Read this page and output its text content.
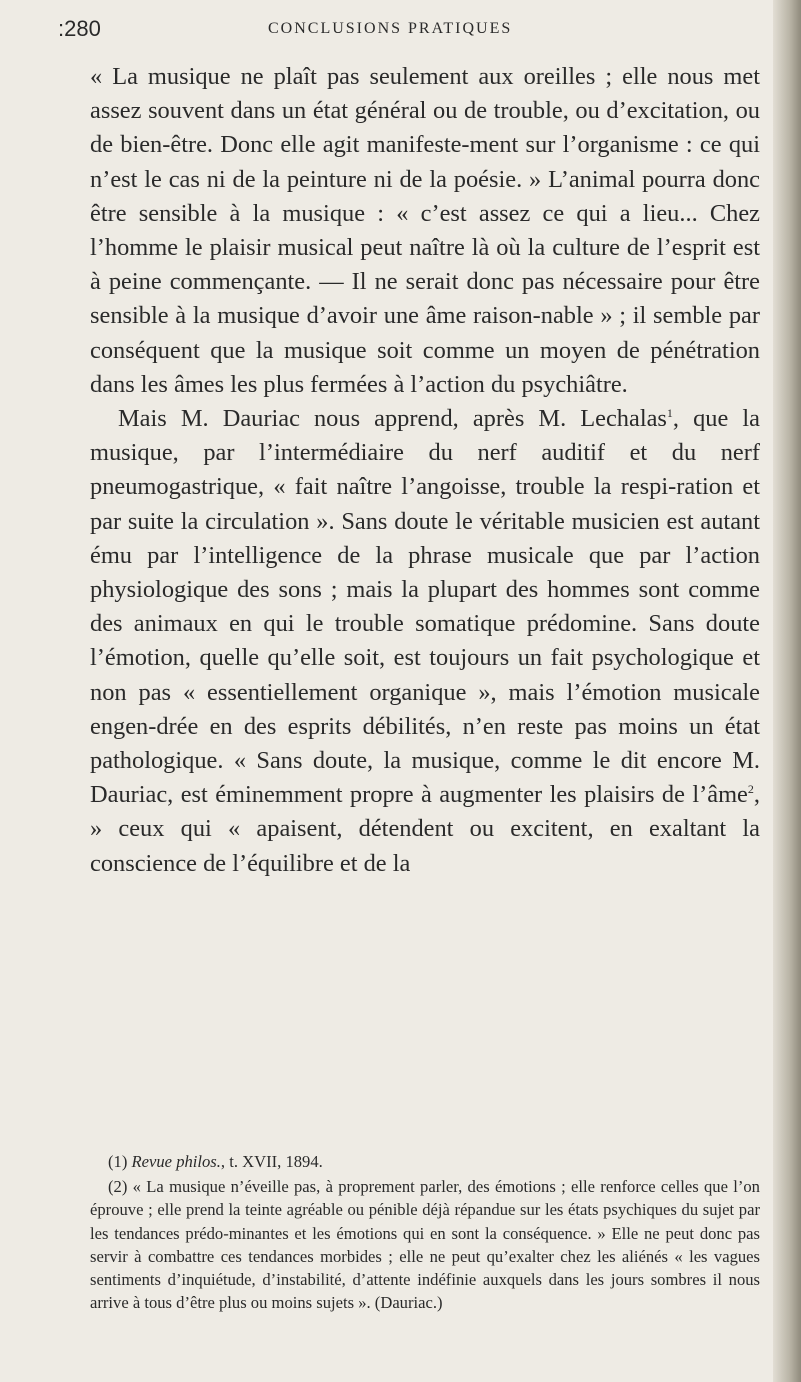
:280	CONCLUSIONS PRATIQUES

« La musique ne plaît pas seulement aux oreilles ; elle nous met assez souvent dans un état général ou de trouble, ou d’excitation, ou de bien-être. Donc elle agit manifeste-ment sur l’organisme : ce qui n’est le cas ni de la peinture ni de la poésie. » L’animal pourra donc être sensible à la musique : « c’est assez ce qui a lieu... Chez l’homme le plaisir musical peut naître là où la culture de l’esprit est à peine commençante. — Il ne serait donc pas nécessaire pour être sensible à la musique d’avoir une âme raison-nable » ; il semble par conséquent que la musique soit comme un moyen de pénétration dans les âmes les plus fermées à l’action du psychiâtre.

Mais M. Dauriac nous apprend, après M. Lechalas$^1$, que la musique, par l’intermédiaire du nerf auditif et du nerf pneumogastrique, « fait naître l’angoisse, trouble la respi-ration et par suite la circulation ». Sans doute le véritable musicien est autant ému par l’intelligence de la phrase musicale que par l’action physiologique des sons ; mais la plupart des hommes sont comme des animaux en qui le trouble somatique prédomine. Sans doute l’émotion, quelle qu’elle soit, est toujours un fait psychologique et non pas « essentiellement organique », mais l’émotion musicale engen-drée en des esprits débilités, n’en reste pas moins un état pathologique. « Sans doute, la musique, comme le dit encore M. Dauriac, est éminemment propre à augmenter les plaisirs de l’âme$^2$, » ceux qui « apaisent, détendent ou excitent, en exaltant la conscience de l’équilibre et de la

(1) Revue philos., t. XVII, 1894.

(2) « La musique n’éveille pas, à proprement parler, des émotions ; elle renforce celles que l’on éprouve ; elle prend la teinte agréable ou pénible déjà répandue sur les états psychiques du sujet par les tendances prédo-minantes et les émotions qui en sont la conséquence. » Elle ne peut donc pas servir à combattre ces tendances morbides ; elle ne peut qu’exalter chez les aliénés « les vagues sentiments d’inquiétude, d’instabilité, d’attente indéfinie auxquels dans les jours sombres il nous arrive à tous d’être plus ou moins sujets ». (Dauriac.)
